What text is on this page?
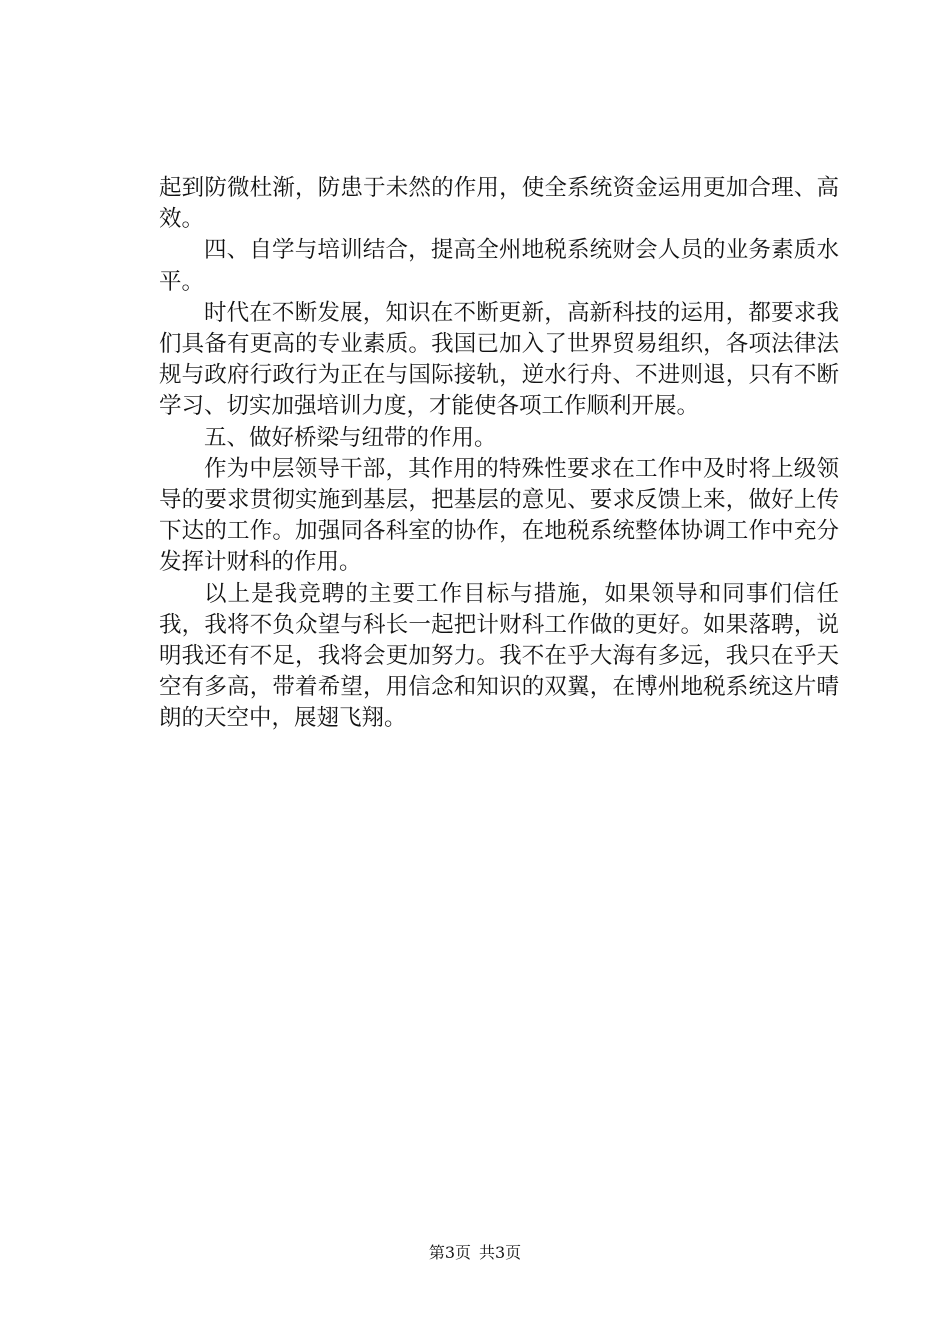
起到防微杜渐，防患于未然的作用，使全系统资金运用更加合理、高效。

四、自学与培训结合，提高全州地税系统财会人员的业务素质水平。

时代在不断发展，知识在不断更新，高新科技的运用，都要求我们具备有更高的专业素质。我国已加入了世界贸易组织，各项法律法规与政府行政行为正在与国际接轨，逆水行舟、不进则退，只有不断学习、切实加强培训力度，才能使各项工作顺利开展。

五、做好桥梁与纽带的作用。

作为中层领导干部，其作用的特殊性要求在工作中及时将上级领导的要求贯彻实施到基层，把基层的意见、要求反馈上来，做好上传下达的工作。加强同各科室的协作，在地税系统整体协调工作中充分发挥计财科的作用。

以上是我竞聘的主要工作目标与措施，如果领导和同事们信任我，我将不负众望与科长一起把计财科工作做的更好。如果落聘，说明我还有不足，我将会更加努力。我不在乎大海有多远，我只在乎天空有多高，带着希望，用信念和知识的双翼，在博州地税系统这片晴朗的天空中，展翅飞翔。

第3页 共3页
